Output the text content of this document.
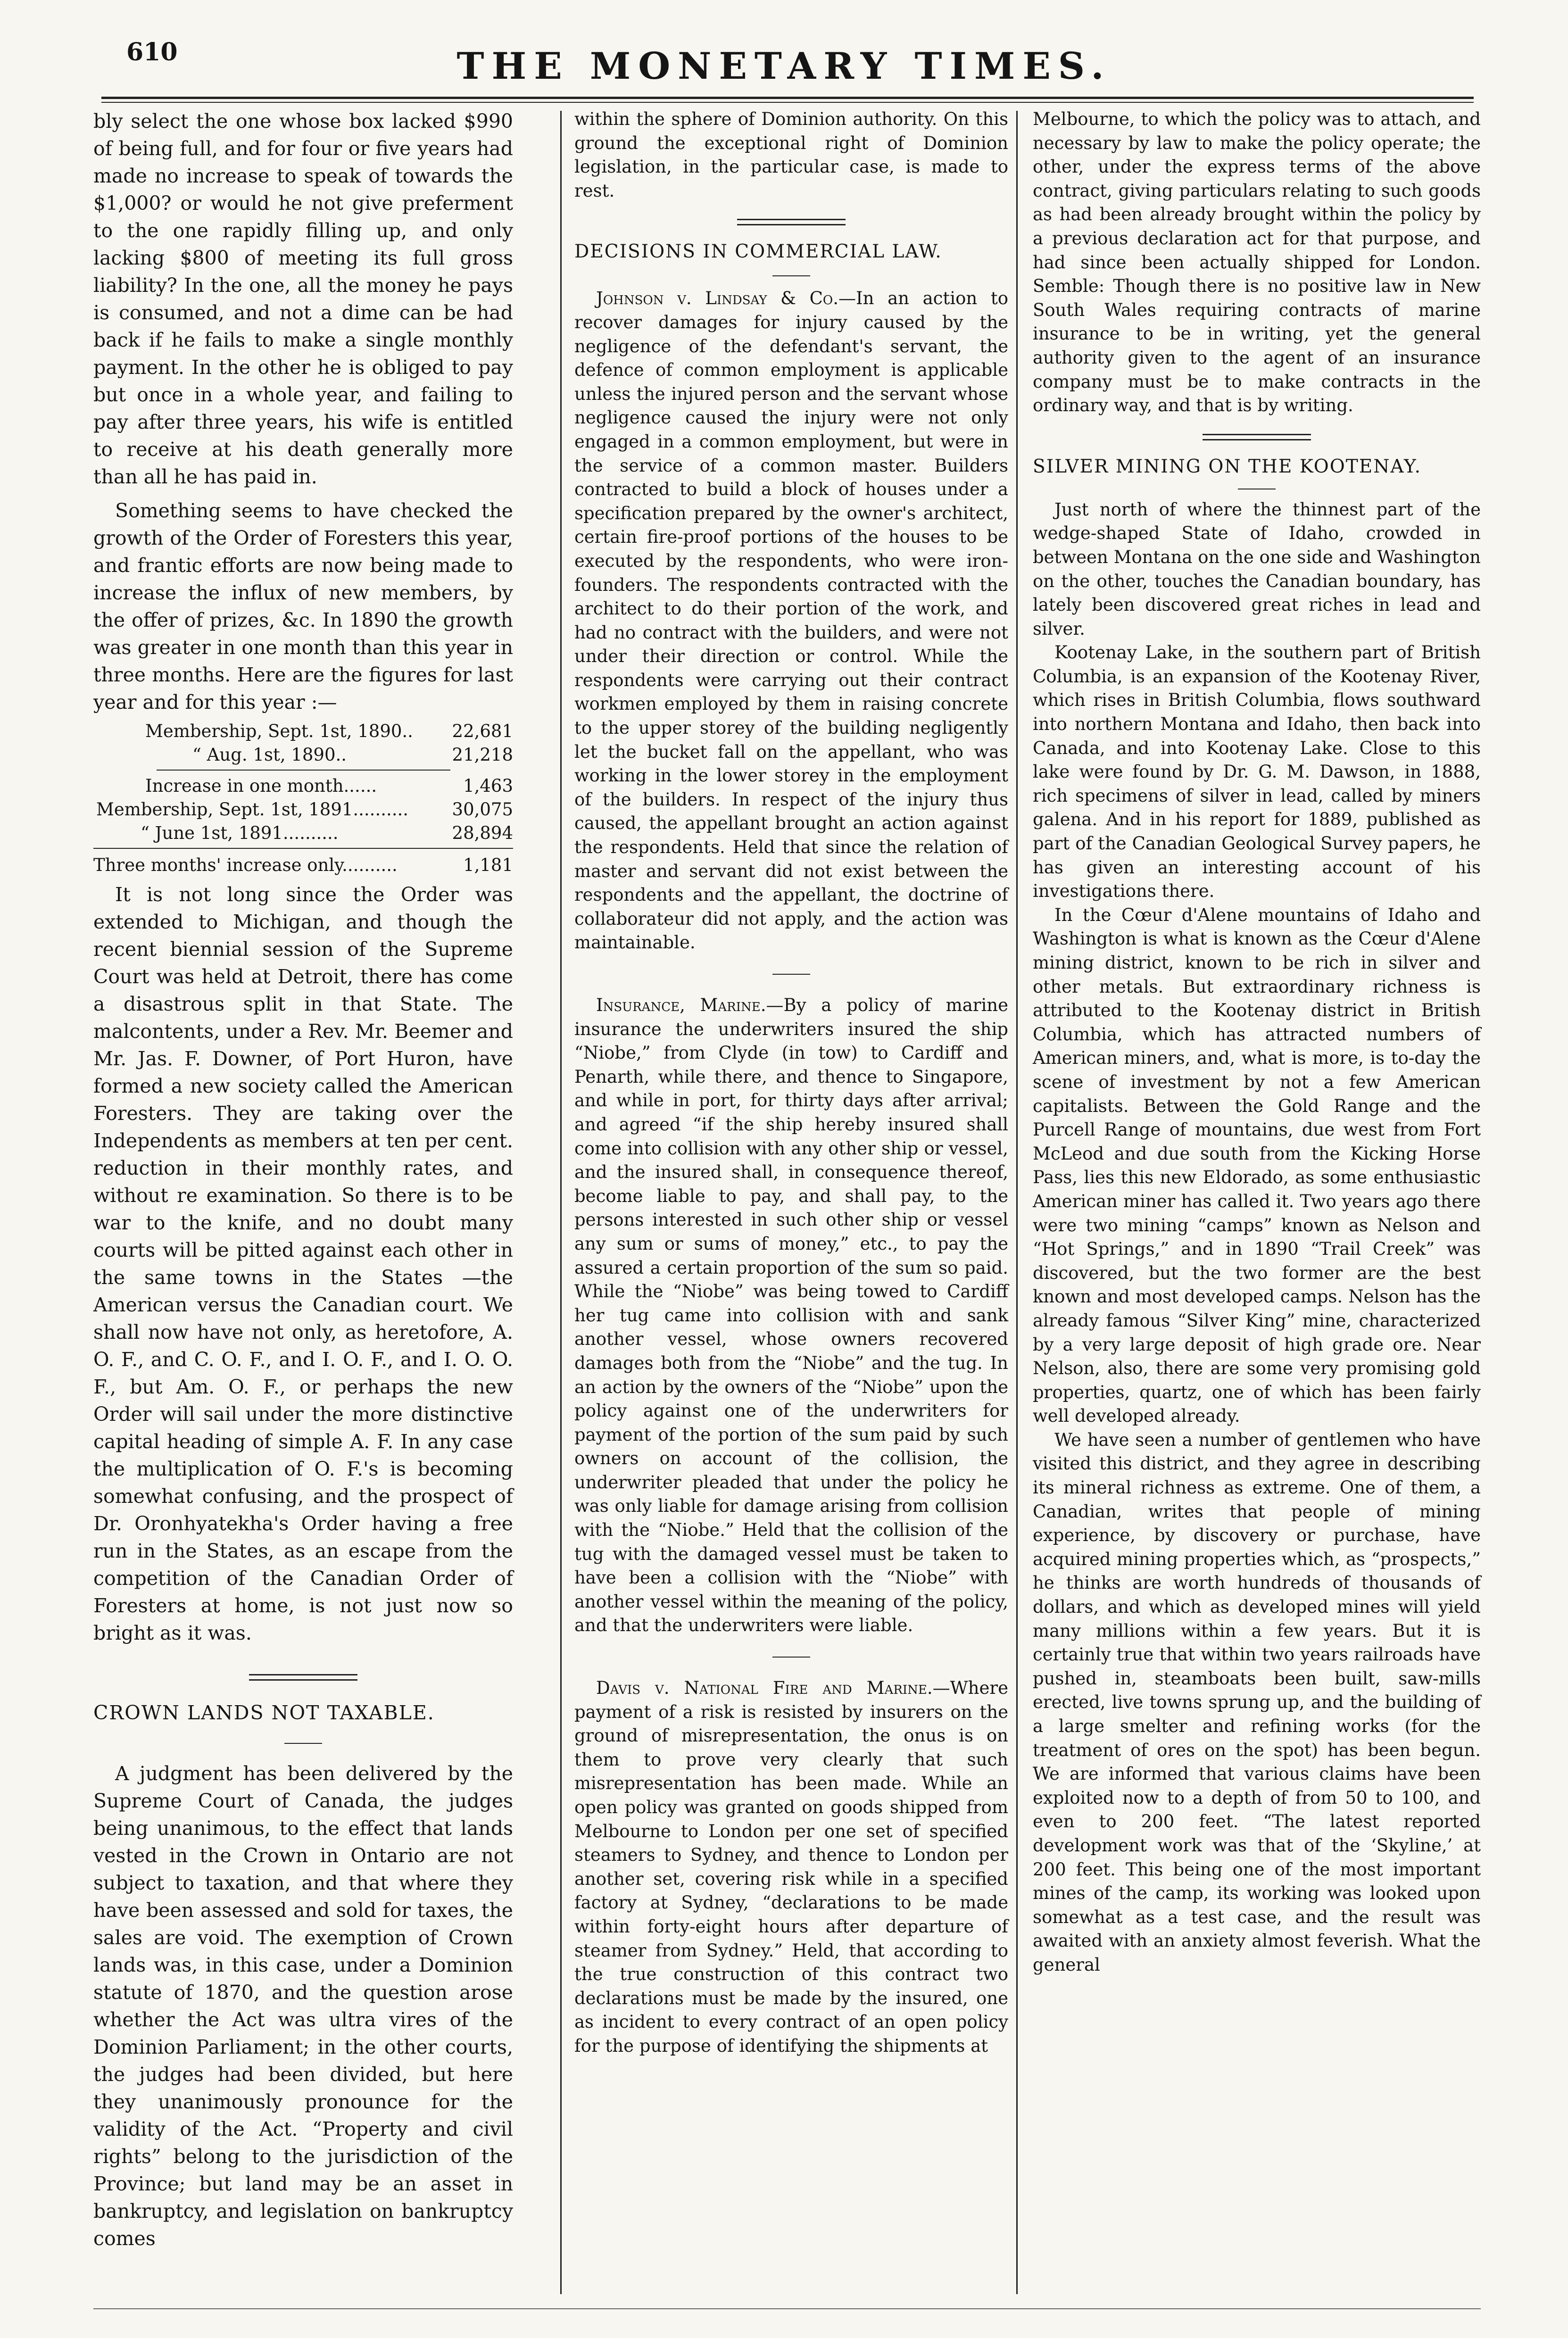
610	THE MONETARY TIMES.

bly select the one whose box lacked $990 of being full, and for four or five years had made no increase to speak of towards the $1,000? or would he not give preferment to the one rapidly filling up, and only lacking $800 of meeting its full gross liability? In the one, all the money he pays is consumed, and not a dime can be had back if he fails to make a single monthly payment. In the other he is obliged to pay but once in a whole year, and failing to pay after three years, his wife is entitled to receive at his death generally more than all he has paid in.

Something seems to have checked the growth of the Order of Foresters this year, and frantic efforts are now being made to increase the influx of new members, by the offer of prizes, &c. In 1890 the growth was greater in one month than this year in three months. Here are the figures for last year and for this year :—

Membership, Sept. 1st, 1890.. 22,681
“ Aug. 1st, 1890..	21,218
Increase in one month......	1,463
Membership, Sept. 1st, 1891..........	30,075
“ June 1st, 1891..........	28,894
Three months' increase only..........	1,181

It is not long since the Order was extended to Michigan, and though the recent biennial session of the Supreme Court was held at Detroit, there has come a disastrous split in that State. The malcontents, under a Rev. Mr. Beemer and Mr. Jas. F. Downer, of Port Huron, have formed a new society called the American Foresters. They are taking over the Independents as members at ten per cent. reduction in their monthly rates, and without re examination. So there is to be war to the knife, and no doubt many courts will be pitted against each other in the same towns in the States —the American versus the Canadian court. We shall now have not only, as heretofore, A. O. F., and C. O. F., and I. O. F., and I. O. O. F., but Am. O. F., or perhaps the new Order will sail under the more distinctive capital heading of simple A. F. In any case the multiplication of O. F.'s is becoming somewhat confusing, and the prospect of Dr. Oronhyatekha's Order having a free run in the States, as an escape from the competition of the Canadian Order of Foresters at home, is not just now so bright as it was.

CROWN LANDS NOT TAXABLE.

A judgment has been delivered by the Supreme Court of Canada, the judges being unanimous, to the effect that lands vested in the Crown in Ontario are not subject to taxation, and that where they have been assessed and sold for taxes, the sales are void. The exemption of Crown lands was, in this case, under a Dominion statute of 1870, and the question arose whether the Act was ultra vires of the Dominion Parliament; in the other courts, the judges had been divided, but here they unanimously pronounce for the validity of the Act. “Property and civil rights” belong to the jurisdiction of the Province; but land may be an asset in bankruptcy, and legislation on bankruptcy comes

within the sphere of Dominion authority. On this ground the exceptional right of Dominion legislation, in the particular case, is made to rest.

DECISIONS IN COMMERCIAL LAW.

Johnson v. Lindsay & Co.—In an action to recover damages for injury caused by the negligence of the defendant's servant, the defence of common employment is applicable unless the injured person and the servant whose negligence caused the injury were not only engaged in a common employment, but were in the service of a common master. Builders contracted to build a block of houses under a specification prepared by the owner's architect, certain fire-proof portions of the houses to be executed by the respondents, who were iron-founders. The respondents contracted with the architect to do their portion of the work, and had no contract with the builders, and were not under their direction or control. While the respondents were carrying out their contract workmen employed by them in raising concrete to the upper storey of the building negligently let the bucket fall on the appellant, who was working in the lower storey in the employment of the builders. In respect of the injury thus caused, the appellant brought an action against the respondents. Held that since the relation of master and servant did not exist between the respondents and the appellant, the doctrine of collaborateur did not apply, and the action was maintainable.

Insurance, Marine.—By a policy of marine insurance the underwriters insured the ship “Niobe,” from Clyde (in tow) to Cardiff and Penarth, while there, and thence to Singapore, and while in port, for thirty days after arrival; and agreed “if the ship hereby insured shall come into collision with any other ship or vessel, and the insured shall, in consequence thereof, become liable to pay, and shall pay, to the persons interested in such other ship or vessel any sum or sums of money,” etc., to pay the assured a certain proportion of the sum so paid. While the “Niobe” was being towed to Cardiff her tug came into collision with and sank another vessel, whose owners recovered damages both from the “Niobe” and the tug. In an action by the owners of the “Niobe” upon the policy against one of the underwriters for payment of the portion of the sum paid by such owners on account of the collision, the underwriter pleaded that under the policy he was only liable for damage arising from collision with the “Niobe.” Held that the collision of the tug with the damaged vessel must be taken to have been a collision with the “Niobe” with another vessel within the meaning of the policy, and that the underwriters were liable.

Davis v. National Fire and Marine.—Where payment of a risk is resisted by insurers on the ground of misrepresentation, the onus is on them to prove very clearly that such misrepresentation has been made. While an open policy was granted on goods shipped from Melbourne to London per one set of specified steamers to Sydney, and thence to London per another set, covering risk while in a specified factory at Sydney, “declarations to be made within forty-eight hours after departure of steamer from Sydney.” Held, that according to the true construction of this contract two declarations must be made by the insured, one as incident to every contract of an open policy for the purpose of identifying the shipments at

Melbourne, to which the policy was to attach, and necessary by law to make the policy operate; the other, under the express terms of the above contract, giving particulars relating to such goods as had been already brought within the policy by a previous declaration act for that purpose, and had since been actually shipped for London. Semble: Though there is no positive law in New South Wales requiring contracts of marine insurance to be in writing, yet the general authority given to the agent of an insurance company must be to make contracts in the ordinary way, and that is by writing.

SILVER MINING ON THE KOOTENAY.

Just north of where the thinnest part of the wedge-shaped State of Idaho, crowded in between Montana on the one side and Washington on the other, touches the Canadian boundary, has lately been discovered great riches in lead and silver.

Kootenay Lake, in the southern part of British Columbia, is an expansion of the Kootenay River, which rises in British Columbia, flows southward into northern Montana and Idaho, then back into Canada, and into Kootenay Lake. Close to this lake were found by Dr. G. M. Dawson, in 1888, rich specimens of silver in lead, called by miners galena. And in his report for 1889, published as part of the Canadian Geological Survey papers, he has given an interesting account of his investigations there.

In the Cœur d'Alene mountains of Idaho and Washington is what is known as the Cœur d'Alene mining district, known to be rich in silver and other metals. But extraordinary richness is attributed to the Kootenay district in British Columbia, which has attracted numbers of American miners, and, what is more, is to-day the scene of investment by not a few American capitalists. Between the Gold Range and the Purcell Range of mountains, due west from Fort McLeod and due south from the Kicking Horse Pass, lies this new Eldorado, as some enthusiastic American miner has called it. Two years ago there were two mining “camps” known as Nelson and “Hot Springs,” and in 1890 “Trail Creek” was discovered, but the two former are the best known and most developed camps. Nelson has the already famous “Silver King” mine, characterized by a very large deposit of high grade ore. Near Nelson, also, there are some very promising gold properties, quartz, one of which has been fairly well developed already.

We have seen a number of gentlemen who have visited this district, and they agree in describing its mineral richness as extreme. One of them, a Canadian, writes that people of mining experience, by discovery or purchase, have acquired mining properties which, as “prospects,” he thinks are worth hundreds of thousands of dollars, and which as developed mines will yield many millions within a few years. But it is certainly true that within two years railroads have pushed in, steamboats been built, saw-mills erected, live towns sprung up, and the building of a large smelter and refining works (for the treatment of ores on the spot) has been begun. We are informed that various claims have been exploited now to a depth of from 50 to 100, and even to 200 feet. “The latest reported development work was that of the ‘Skyline,’ at 200 feet. This being one of the most important mines of the camp, its working was looked upon somewhat as a test case, and the result was awaited with an anxiety almost feverish. What the general
